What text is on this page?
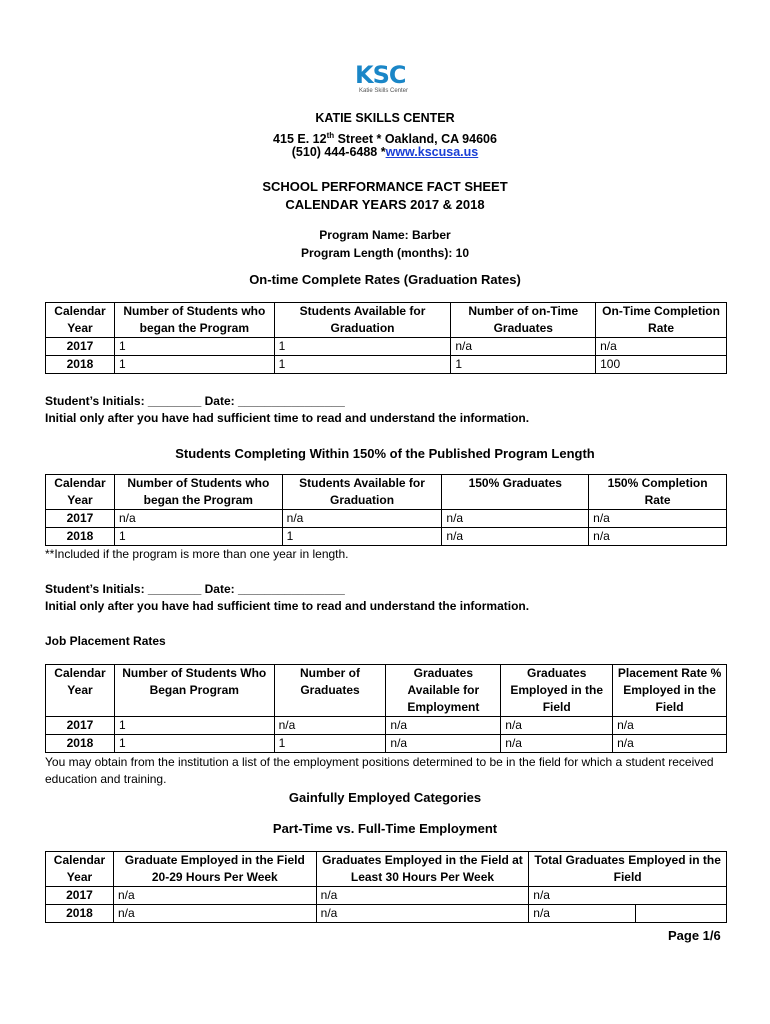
KSC
Katie Skills Center
KATIE SKILLS CENTER
415 E. 12th Street * Oakland, CA 94606
(510) 444-6488 *www.kscusa.us
SCHOOL PERFORMANCE FACT SHEET
CALENDAR YEARS 2017 & 2018
Program Name: Barber
Program Length (months): 10
On-time Complete Rates (Graduation Rates)
Calendar Year	Number of Students who began the Program	Students Available for Graduation	Number of on-Time Graduates	On-Time Completion Rate
2017	1	1	n/a	n/a
2018	1	1	1	100
Student’s Initials: ________ Date: ________________
Initial only after you have had sufficient time to read and understand the information.
Students Completing Within 150% of the Published Program Length
Calendar Year	Number of Students who began the Program	Students Available for Graduation	150% Graduates	150% Completion Rate
2017	n/a	n/a	n/a	n/a
2018	1	1	n/a	n/a
**Included if the program is more than one year in length.
Student’s Initials: ________ Date: ________________
Initial only after you have had sufficient time to read and understand the information.
Job Placement Rates
Calendar Year	Number of Students Who Began Program	Number of Graduates	Graduates Available for Employment	Graduates Employed in the Field	Placement Rate % Employed in the Field
2017	1	n/a	n/a	n/a	n/a
2018	1	1	n/a	n/a	n/a
You may obtain from the institution a list of the employment positions determined to be in the field for which a student received education and training.
Gainfully Employed Categories
Part-Time vs. Full-Time Employment
Calendar Year	Graduate Employed in the Field 20-29 Hours Per Week	Graduates Employed in the Field at Least 30 Hours Per Week	Total Graduates Employed in the Field	
2017	n/a	n/a	n/a	
2018	n/a	n/a	n/a	
Page 1/6
